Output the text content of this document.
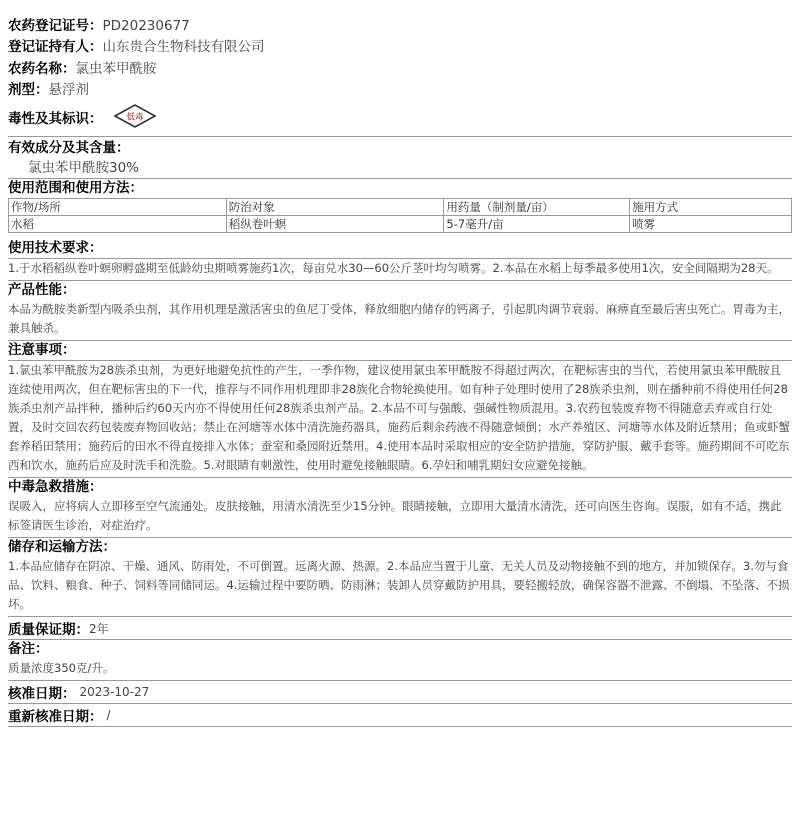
农药登记证号： PD20230677
登记证持有人： 山东贵合生物科技有限公司
农药名称： 氯虫苯甲酰胺
剂型： 悬浮剂
毒性及其标识：	低毒
有效成分及其含量：
氯虫苯甲酰胺30%
使用范围和使用方法：
作物/场所	防治对象	用药量（制剂量/亩）	施用方式
水稻	稻纵卷叶螟	5-7毫升/亩	喷雾
使用技术要求：
1.于水稻稻纵卷叶螟卵孵盛期至低龄幼虫期喷雾施药1次，每亩兑水30—60公斤茎叶均匀喷雾。2.本品在水稻上每季最多使用1次，安全间隔期为28天。
产品性能：
本品为酰胺类新型内吸杀虫剂，其作用机理是激活害虫的鱼尼丁受体，释放细胞内储存的钙离子，引起肌肉调节衰弱、麻痹直至最后害虫死亡。胃毒为主，兼具触杀。
注意事项：
1.氯虫苯甲酰胺为28族杀虫剂，为更好地避免抗性的产生，一季作物，建议使用氯虫苯甲酰胺不得超过两次，在靶标害虫的当代，若使用氯虫苯甲酰胺且连续使用两次，但在靶标害虫的下一代，推荐与不同作用机理即非28族化合物轮换使用。如有种子处理时使用了28族杀虫剂，则在播种前不得使用任何28族杀虫剂产品拌种，播种后约60天内亦不得使用任何28族杀虫剂产品。2.本品不可与强酸、强碱性物质混用。3.农药包装废弃物不得随意丢弃或自行处置，及时交回农药包装废弃物回收站；禁止在河塘等水体中清洗施药器具，施药后剩余药液不得随意倾倒；水产养殖区、河塘等水体及附近禁用；鱼或虾蟹套养稻田禁用；施药后的田水不得直接排入水体；蚕室和桑园附近禁用。4.使用本品时采取相应的安全防护措施，穿防护服、戴手套等。施药期间不可吃东西和饮水，施药后应及时洗手和洗脸。5.对眼睛有刺激性，使用时避免接触眼睛。6.孕妇和哺乳期妇女应避免接触。
中毒急救措施：
误吸入，应将病人立即移至空气流通处。皮肤接触，用清水清洗至少15分钟。眼睛接触，立即用大量清水清洗，还可向医生咨询。误服，如有不适，携此标签请医生诊治，对症治疗。
储存和运输方法：
1.本品应储存在阴凉、干燥、通风、防雨处，不可倒置。远离火源、热源。2.本品应当置于儿童、无关人员及动物接触不到的地方，并加锁保存。3.勿与食品、饮料、粮食、种子、饲料等同储同运。4.运输过程中要防晒、防雨淋；装卸人员穿戴防护用具，要轻搬轻放，确保容器不泄露、不倒塌、不坠落、不损坏。
质量保证期： 2年
备注：
质量浓度350克/升。
核准日期： 2023-10-27
重新核准日期： /
